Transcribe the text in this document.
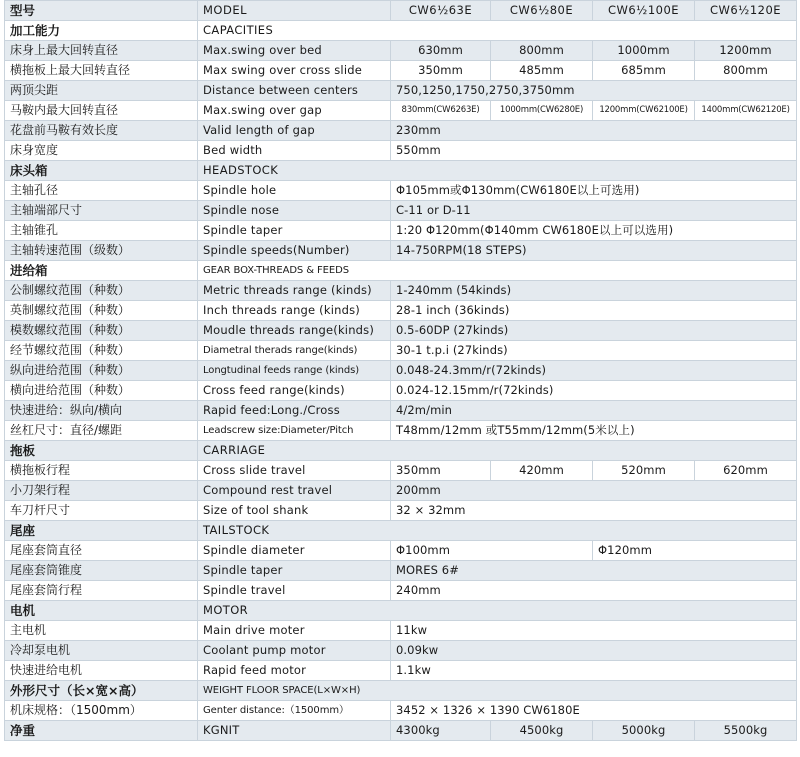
型号	MODEL	CW6½63E	CW6½80E	CW6½100E	CW6½120E
加工能力	CAPACITIES				
床身上最大回转直径	Max.swing over bed	630mm	800mm	1000mm	1200mm
横拖板上最大回转直径	Max swing over cross slide	350mm	485mm	685mm	800mm
两顶尖距	Distance between centers	750,1250,1750,2750,3750mm			
马鞍内最大回转直径	Max.swing over gap	830mm(CW6263E)	1000mm(CW6280E)	1200mm(CW62100E)	1400mm(CW62120E)
花盘前马鞍有效长度	Valid length of gap	230mm			
床身宽度	Bed width	550mm			
床头箱	HEADSTOCK				
主轴孔径	Spindle hole	Φ105mm或Φ130mm(CW6180E以上可选用)			
主轴端部尺寸	Spindle nose	C-11 or D-11			
主轴锥孔	Spindle taper	1:20 Φ120mm(Φ140mm CW6180E以上可以选用)			
主轴转速范围（级数）	Spindle speeds(Number)	14-750RPM(18 STEPS)			
进给箱	GEAR BOX-THREADS & FEEDS				
公制螺纹范围（种数）	Metric threads range (kinds)	1-240mm (54kinds)			
英制螺纹范围（种数）	Inch threads range (kinds)	28-1 inch (36kinds)			
模数螺纹范围（种数）	Moudle threads range(kinds)	0.5-60DP (27kinds)			
经节螺纹范围（种数）	Diametral therads range(kinds)	30-1 t.p.i (27kinds)			
纵向进给范围（种数）	Longtudinal feeds range (kinds)	0.048-24.3mm/r(72kinds)			
横向进给范围（种数）	Cross feed range(kinds)	0.024-12.15mm/r(72kinds)			
快速进给：纵向/横向	Rapid feed:Long./Cross	4/2m/min			
丝杠尺寸：直径/螺距	Leadscrew size:Diameter/Pitch	T48mm/12mm 或T55mm/12mm(5米以上)			
拖板	CARRIAGE				
横拖板行程	Cross slide travel	350mm	420mm	520mm	620mm
小刀架行程	Compound rest travel	200mm			
车刀杆尺寸	Size of tool shank	32 × 32mm			
尾座	TAILSTOCK				
尾座套筒直径	Spindle diameter	Φ100mm		Φ120mm	
尾座套筒锥度	Spindle taper	MORES 6#			
尾座套筒行程	Spindle travel	240mm			
电机	MOTOR				
主电机	Main drive moter	11kw			
冷却泵电机	Coolant pump motor	0.09kw			
快速进给电机	Rapid feed motor	1.1kw			
外形尺寸（长×宽×高）	WEIGHT FLOOR SPACE(L×W×H)				
机床规格：（1500mm）	Genter distance:（1500mm）	3452 × 1326 × 1390 CW6180E			
净重	KGNIT	4300kg	4500kg	5000kg	5500kg
